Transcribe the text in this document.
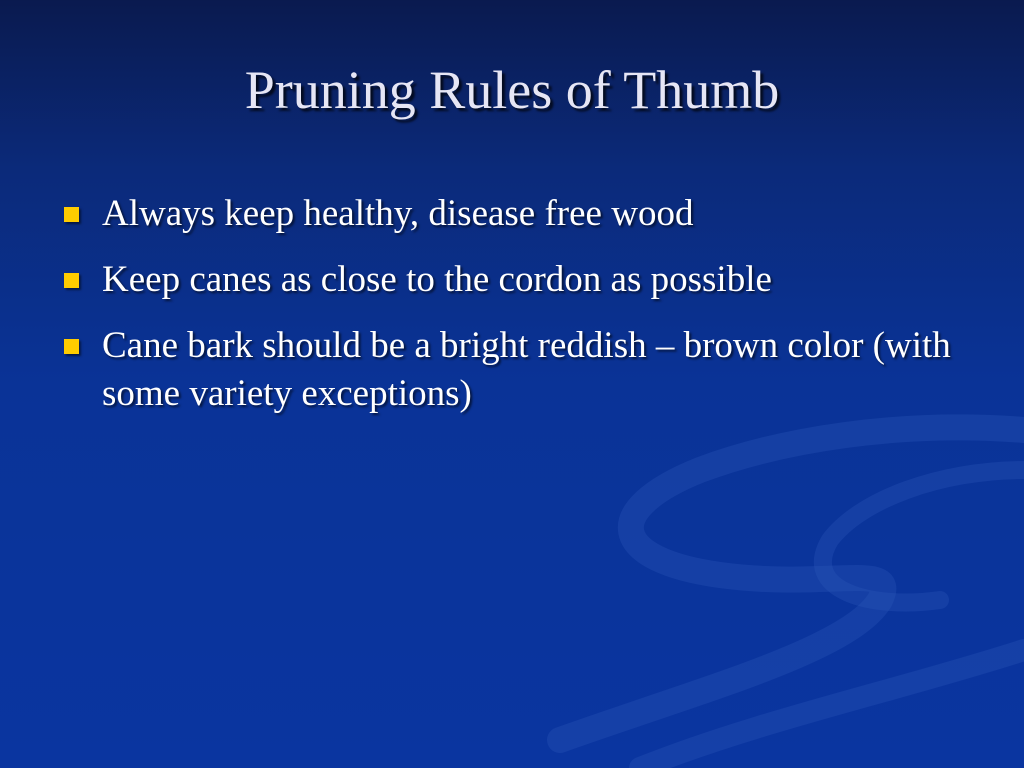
Pruning Rules of Thumb
Always keep healthy, disease free wood
Keep canes as close to the cordon as possible
Cane bark should be a bright reddish – brown color (with some variety exceptions)
